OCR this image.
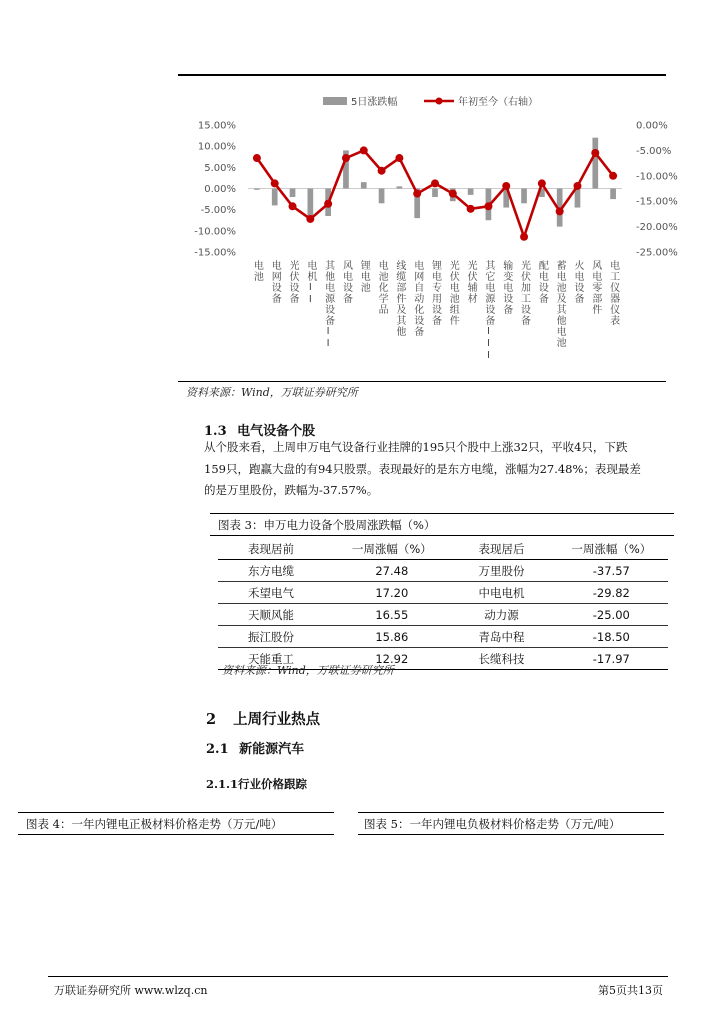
5日涨跌幅	年初至今（右轴）
15.00%
10.00%
5.00%
0.00%
-5.00%
-10.00%
-15.00%
0.00%
-5.00%
-10.00%
-15.00%
-20.00%
-25.00%
电池 电网设备 光伏设备 电机II 其他电源设备II 风电设备 锂电池 电池化学品 线缆部件及其他 电网自动化设备 锂电专用设备 光伏电池组件 光伏辅材 其它电源设备III 输变电设备 光伏加工设备 配电设备 蓄电池及其他电池 火电设备 风电零部件 电工仪器仪表
资料来源：Wind，万联证券研究所
1.3 电气设备个股
从个股来看，上周申万电气设备行业挂牌的195只个股中上涨32只，平收4只，下跌
159只，跑赢大盘的有94只股票。表现最好的是东方电缆，涨幅为27.48%；表现最差
的是万里股份，跌幅为-37.57%。
图表 3：申万电力设备个股周涨跌幅（%）
表现居前	一周涨幅（%）	表现居后	一周涨幅（%）
东方电缆	27.48	万里股份	-37.57
禾望电气	17.20	中电电机	-29.82
天顺风能	16.55	动力源	-25.00
振江股份	15.86	青岛中程	-18.50
天能重工	12.92	长缆科技	-17.97
资料来源：Wind，万联证券研究所
2 上周行业热点
2.1 新能源汽车
2.1.1行业价格跟踪
图表 4：一年内锂电正极材料价格走势（万元/吨）	图表 5：一年内锂电负极材料价格走势（万元/吨）
万联证券研究所 www.wlzq.cn	第5页共13页
